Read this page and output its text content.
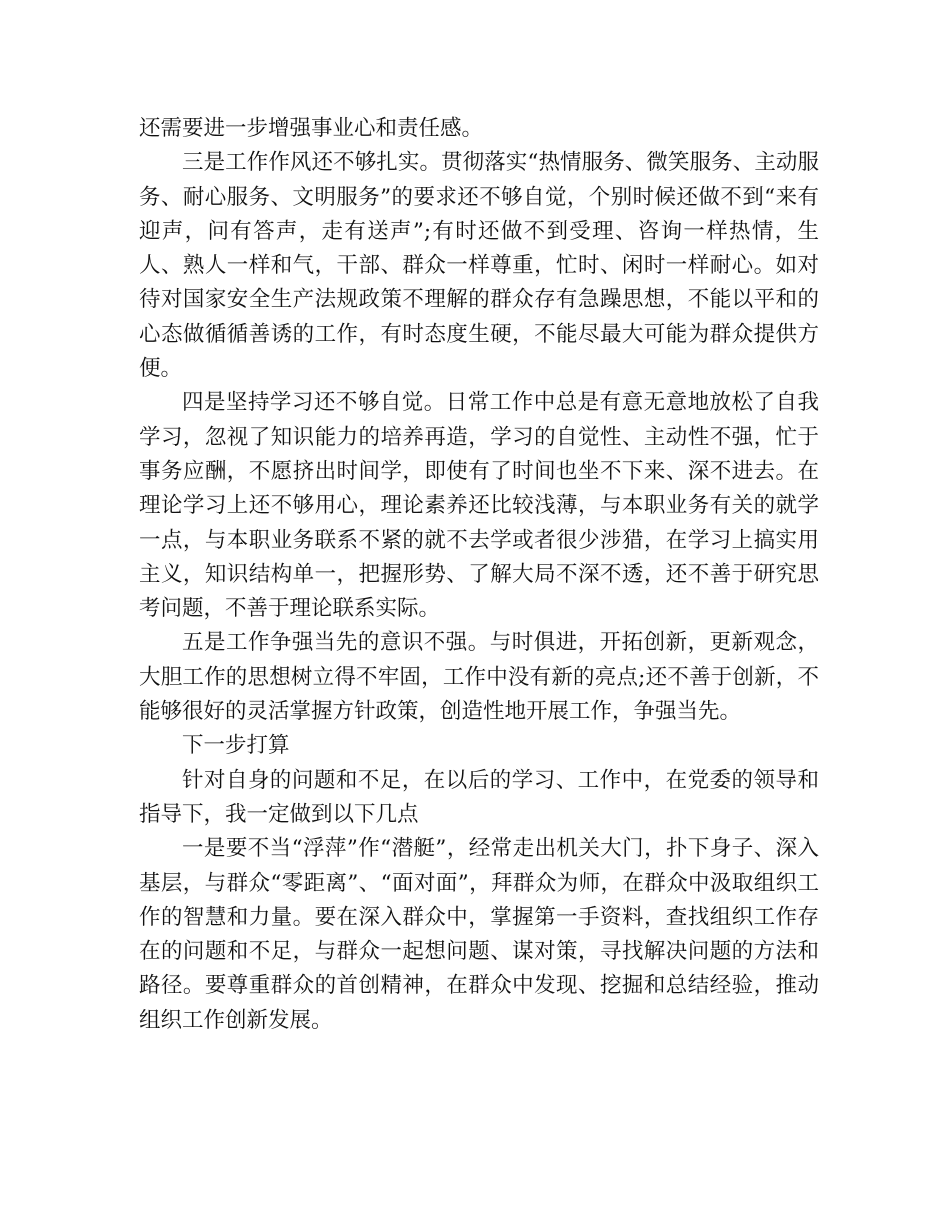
还需要进一步增强事业心和责任感。

三是工作作风还不够扎实。贯彻落实“热情服务、微笑服务、主动服务、耐心服务、文明服务”的要求还不够自觉，个别时候还做不到“来有迎声，问有答声，走有送声”;有时还做不到受理、咨询一样热情，生人、熟人一样和气，干部、群众一样尊重，忙时、闲时一样耐心。如对待对国家安全生产法规政策不理解的群众存有急躁思想，不能以平和的心态做循循善诱的工作，有时态度生硬，不能尽最大可能为群众提供方便。

四是坚持学习还不够自觉。日常工作中总是有意无意地放松了自我学习，忽视了知识能力的培养再造，学习的自觉性、主动性不强，忙于事务应酬，不愿挤出时间学，即使有了时间也坐不下来、深不进去。在理论学习上还不够用心，理论素养还比较浅薄，与本职业务有关的就学一点，与本职业务联系不紧的就不去学或者很少涉猎，在学习上搞实用主义，知识结构单一，把握形势、了解大局不深不透，还不善于研究思考问题，不善于理论联系实际。

五是工作争强当先的意识不强。与时俱进，开拓创新，更新观念，大胆工作的思想树立得不牢固，工作中没有新的亮点;还不善于创新，不能够很好的灵活掌握方针政策，创造性地开展工作，争强当先。

下一步打算

针对自身的问题和不足，在以后的学习、工作中，在党委的领导和指导下，我一定做到以下几点

一是要不当“浮萍”作“潜艇”，经常走出机关大门，扑下身子、深入基层，与群众“零距离”、“面对面”，拜群众为师，在群众中汲取组织工作的智慧和力量。要在深入群众中，掌握第一手资料，查找组织工作存在的问题和不足，与群众一起想问题、谋对策，寻找解决问题的方法和路径。要尊重群众的首创精神，在群众中发现、挖掘和总结经验，推动组织工作创新发展。
